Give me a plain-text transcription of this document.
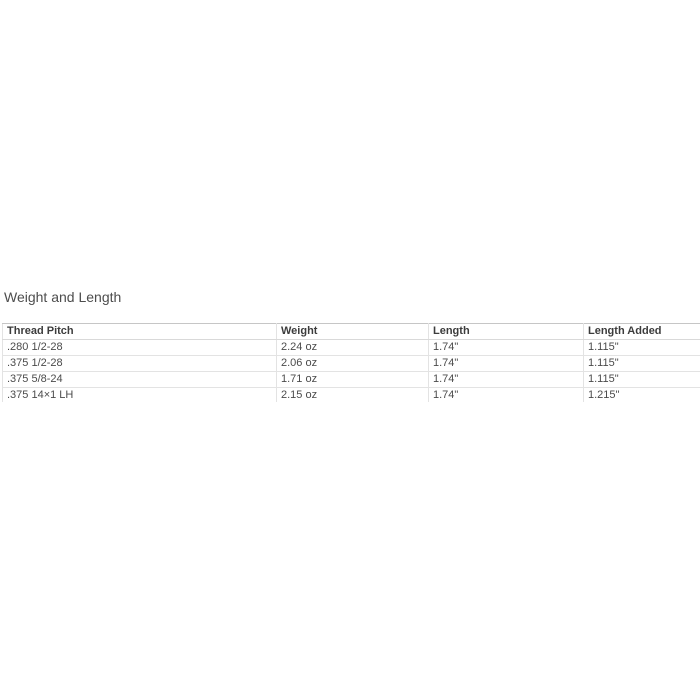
Weight and Length
Thread Pitch	Weight	Length	Length Added
.280 1/2-28	2.24 oz	1.74"	1.115"
.375 1/2-28	2.06 oz	1.74"	1.115"
.375 5/8-24	1.71 oz	1.74"	1.115"
.375 14×1 LH	2.15 oz	1.74"	1.215"
